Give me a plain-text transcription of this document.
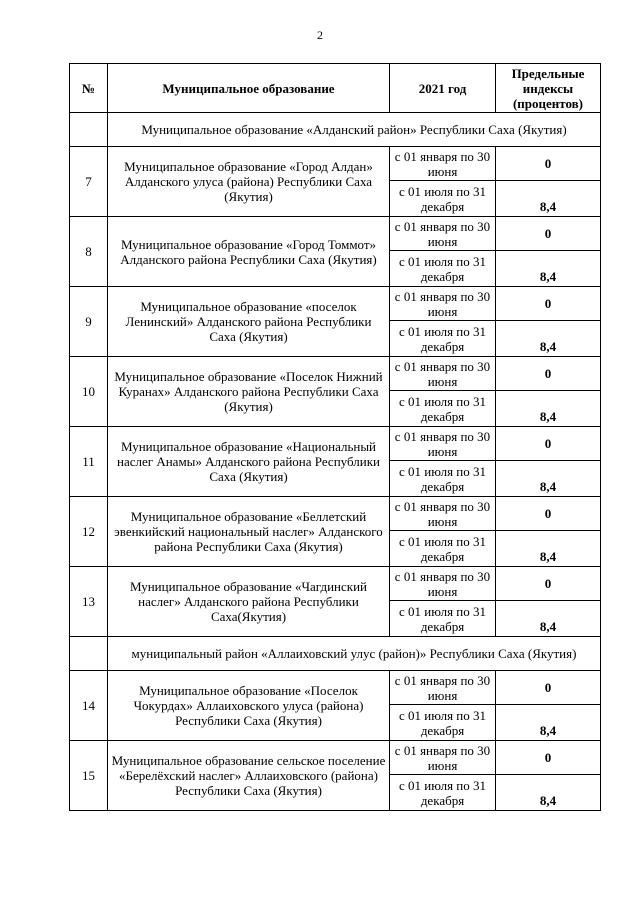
2
№	Муниципальное образование	2021 год	Предельные индексы (процентов)
	Муниципальное образование «Алданский район» Республики Саха (Якутия)		
7	Муниципальное образование «Город Алдан» Алданского улуса (района) Республики Саха (Якутия)	с 01 января по 30 июня	0
		с 01 июля по 31 декабря	8,4
8	Муниципальное образование «Город Томмот» Алданского района Республики Саха (Якутия)	с 01 января по 30 июня	0
		с 01 июля по 31 декабря	8,4
9	Муниципальное образование «поселок Ленинский» Алданского района Республики Саха (Якутия)	с 01 января по 30 июня	0
		с 01 июля по 31 декабря	8,4
10	Муниципальное образование «Поселок Нижний Куранах» Алданского района Республики Саха (Якутия)	с 01 января по 30 июня	0
		с 01 июля по 31 декабря	8,4
11	Муниципальное образование «Национальный наслег Анамы» Алданского района Республики Саха (Якутия)	с 01 января по 30 июня	0
		с 01 июля по 31 декабря	8,4
12	Муниципальное образование «Беллетский эвенкийский национальный наслег» Алданского района Республики Саха (Якутия)	с 01 января по 30 июня	0
		с 01 июля по 31 декабря	8,4
13	Муниципальное образование «Чагдинский наслег» Алданского района Республики Саха(Якутия)	с 01 января по 30 июня	0
		с 01 июля по 31 декабря	8,4
	муниципальный район «Аллаиховский улус (район)» Республики Саха (Якутия)		
14	Муниципальное образование «Поселок Чокурдах» Аллаиховского улуса (района) Республики Саха (Якутия)	с 01 января по 30 июня	0
		с 01 июля по 31 декабря	8,4
15	Муниципальное образование сельское поселение «Берелёхский наслег» Аллаиховского (района) Республики Саха (Якутия)	с 01 января по 30 июня	0
		с 01 июля по 31 декабря	8,4
